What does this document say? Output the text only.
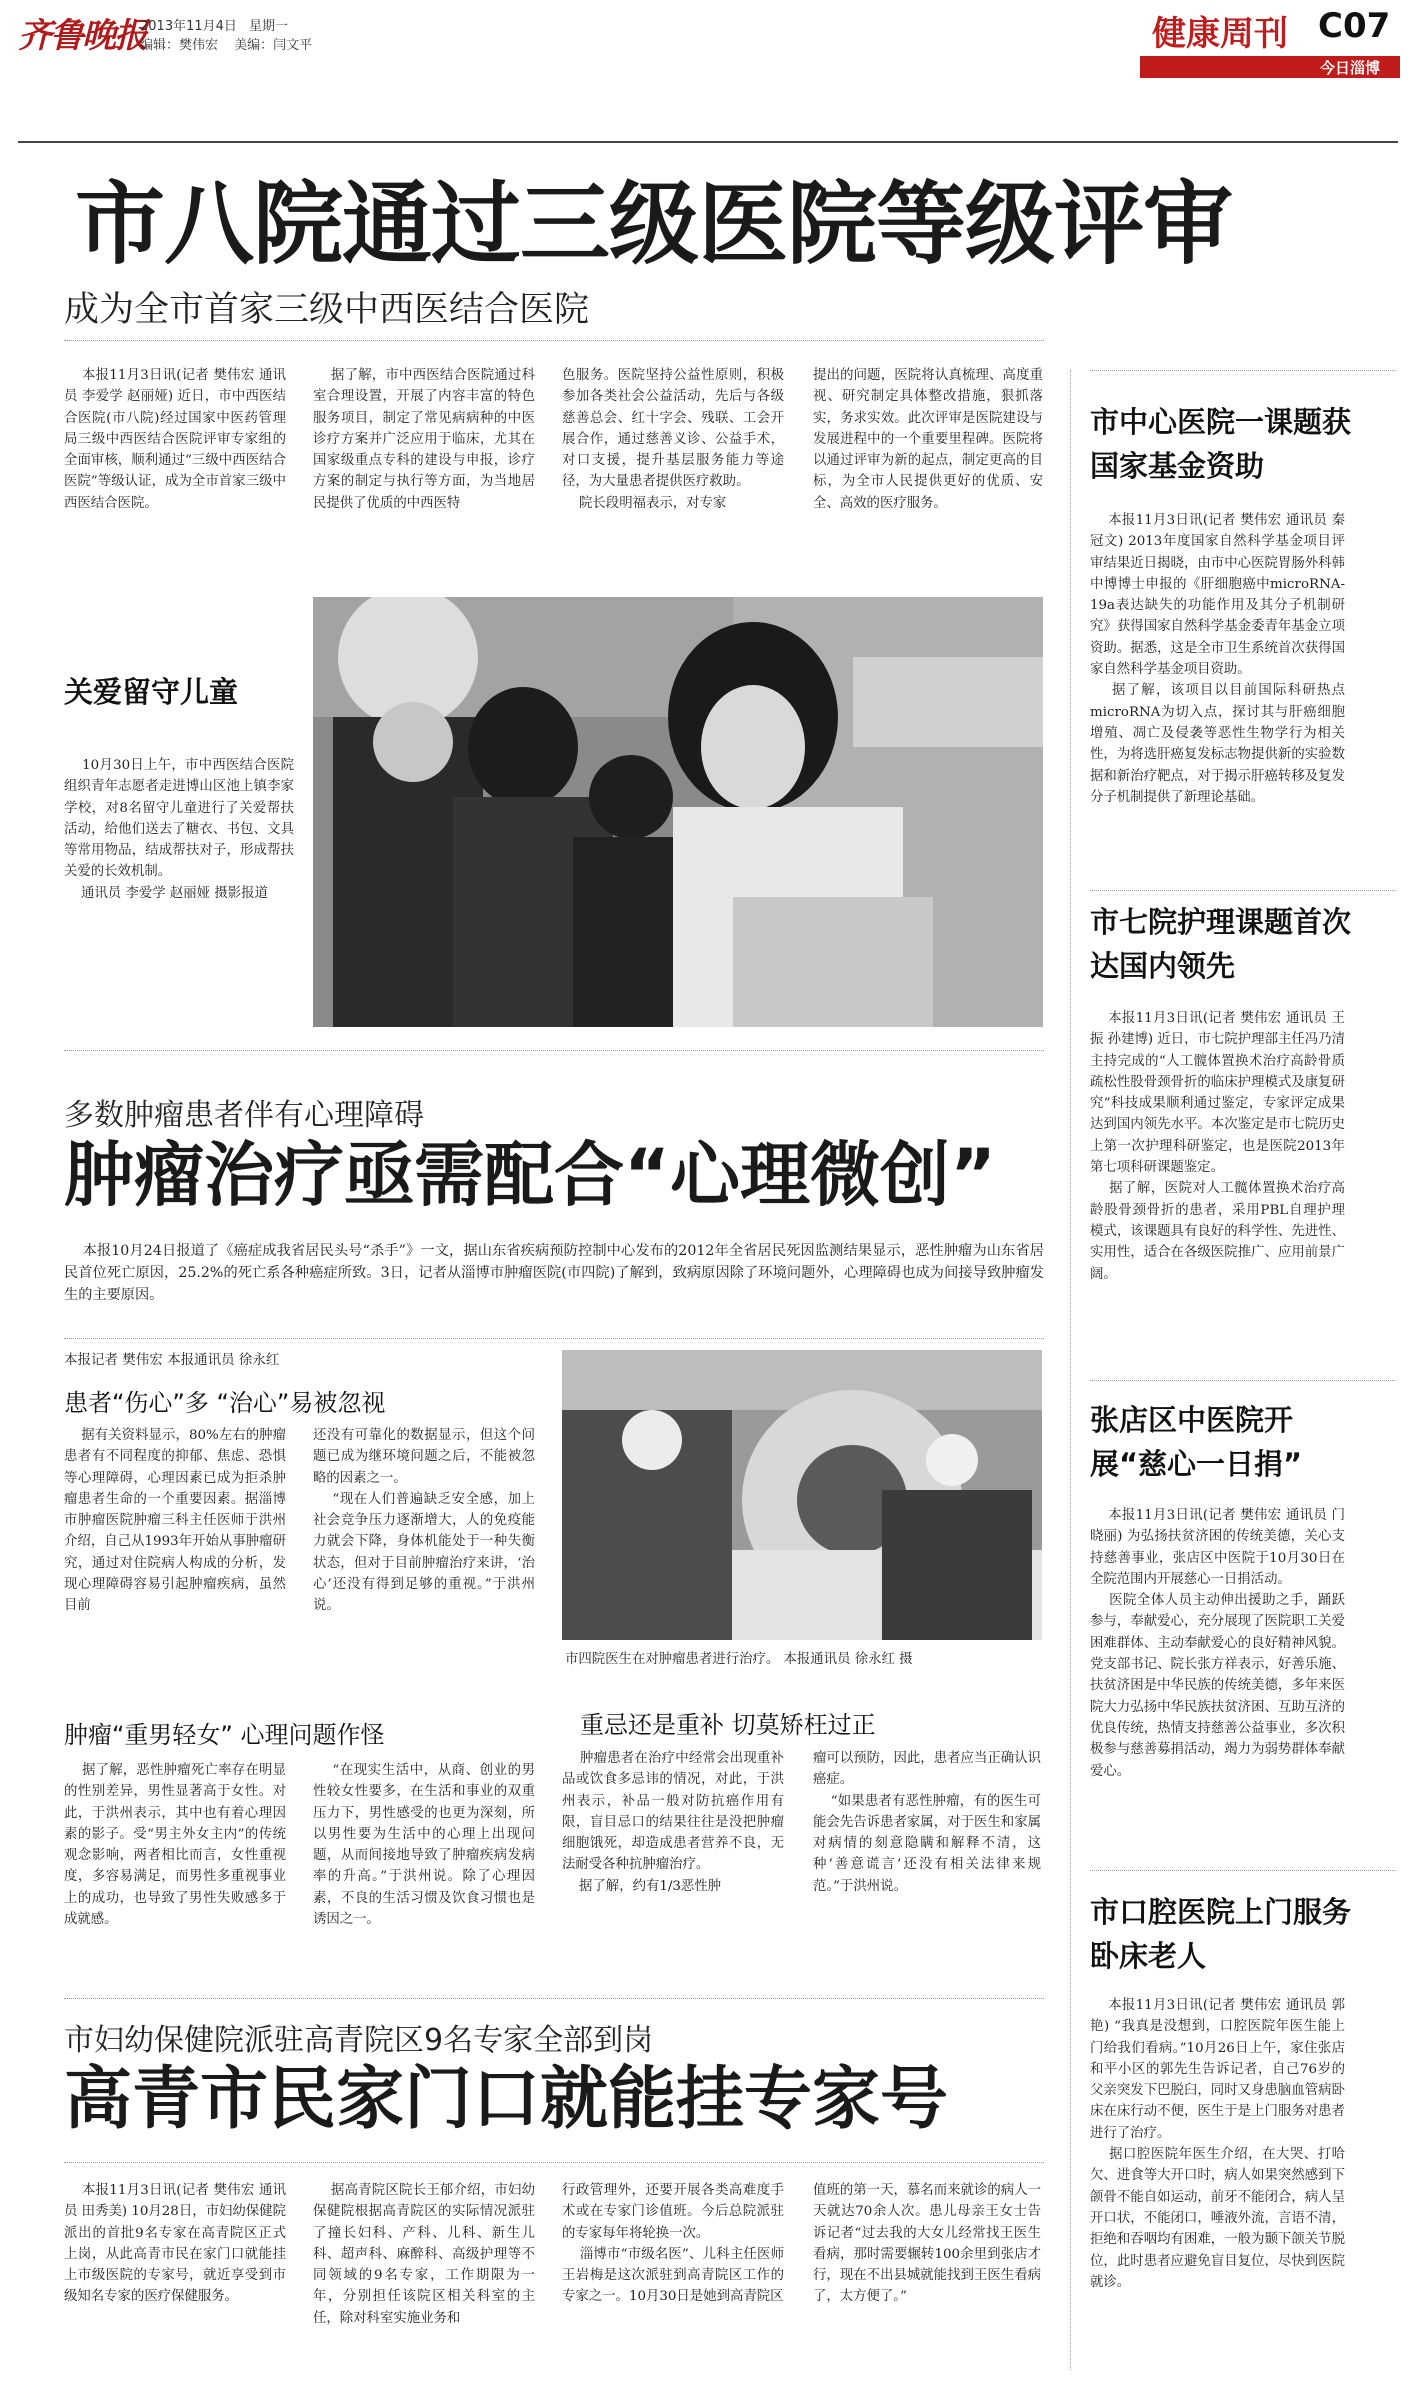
齐鲁晚报
2013年11月4日 星期一
编辑：樊伟宏 美编：闫文平	健康周刊 C07
今日淄博
市八院通过三级医院等级评审
成为全市首家三级中西医结合医院
本报11月3日讯(记者 樊伟宏 通讯员 李爱学 赵丽娅) 近日，市中西医结合医院(市八院)经过国家中医药管理局三级中西医结合医院评审专家组的全面审核，顺利通过“三级中西医结合医院”等级认证，成为全市首家三级中西医结合医院。
据了解，市中西医结合医院通过科室合理设置，开展了内容丰富的特色服务项目，制定了常见病病种的中医诊疗方案并广泛应用于临床，尤其在国家级重点专科的建设与申报，诊疗方案的制定与执行等方面，为当地居民提供了优质的中西医特
色服务。医院坚持公益性原则，积极参加各类社会公益活动，先后与各级慈善总会、红十字会、残联、工会开展合作，通过慈善义诊、公益手术，对口支援，提升基层服务能力等途径，为大量患者提供医疗救助。
院长段明福表示，对专家
提出的问题，医院将认真梳理、高度重视、研究制定具体整改措施，狠抓落实，务求实效。此次评审是医院建设与发展进程中的一个重要里程碑。医院将以通过评审为新的起点，制定更高的目标，为全市人民提供更好的优质、安全、高效的医疗服务。
关爱留守儿童
10月30日上午，市中西医结合医院组织青年志愿者走进博山区池上镇李家学校，对8名留守儿童进行了关爱帮扶活动，给他们送去了糖衣、书包、文具等常用物品，结成帮扶对子，形成帮扶关爱的长效机制。
通讯员 李爱学 赵丽娅 摄影报道
多数肿瘤患者伴有心理障碍
肿瘤治疗亟需配合“心理微创”
本报10月24日报道了《癌症成我省居民头号“杀手”》一文，据山东省疾病预防控制中心发布的2012年全省居民死因监测结果显示，恶性肿瘤为山东省居民首位死亡原因，25.2%的死亡系各种癌症所致。3日，记者从淄博市肿瘤医院(市四院)了解到，致病原因除了环境问题外，心理障碍也成为间接导致肿瘤发生的主要原因。
本报记者 樊伟宏 本报通讯员 徐永红
患者“伤心”多 “治心”易被忽视
据有关资料显示，80%左右的肿瘤患者有不同程度的抑郁、焦虑、恐惧等心理障碍，心理因素已成为拒杀肿瘤患者生命的一个重要因素。据淄博市肿瘤医院肿瘤三科主任医师于洪州介绍，自己从1993年开始从事肿瘤研究，通过对住院病人构成的分析，发现心理障碍容易引起肿瘤疾病，虽然目前
还没有可靠化的数据显示，但这个问题已成为继环境问题之后，不能被忽略的因素之一。
“现在人们普遍缺乏安全感，加上社会竞争压力逐渐增大，人的免疫能力就会下降，身体机能处于一种失衡状态，但对于目前肿瘤治疗来讲，‘治心’还没有得到足够的重视。”于洪州说。
市四院医生在对肿瘤患者进行治疗。 本报通讯员 徐永红 摄
肿瘤“重男轻女” 心理问题作怪
据了解，恶性肿瘤死亡率存在明显的性别差异，男性显著高于女性。对此，于洪州表示，其中也有着心理因素的影子。受“男主外女主内”的传统观念影响，两者相比而言，女性重视度，多容易满足，而男性多重视事业上的成功，也导致了男性失败感多于成就感。
“在现实生活中，从商、创业的男性较女性要多，在生活和事业的双重压力下，男性感受的也更为深刻，所以男性要为生活中的心理上出现问题，从而间接地导致了肿瘤疾病发病率的升高。”于洪州说。除了心理因素，不良的生活习惯及饮食习惯也是诱因之一。
重忌还是重补 切莫矫枉过正
肿瘤患者在治疗中经常会出现重补品或饮食多忌讳的情况，对此，于洪州表示，补品一般对防抗癌作用有限，盲目忌口的结果往往是没把肿瘤细胞饿死，却造成患者营养不良，无法耐受各种抗肿瘤治疗。
据了解，约有1/3恶性肿
瘤可以预防，因此，患者应当正确认识癌症。
“如果患者有恶性肿瘤，有的医生可能会先告诉患者家属，对于医生和家属对病情的刻意隐瞒和解释不清，这种‘善意谎言’还没有相关法律来规范。”于洪州说。
市妇幼保健院派驻高青院区9名专家全部到岗
高青市民家门口就能挂专家号
本报11月3日讯(记者 樊伟宏 通讯员 田秀美) 10月28日，市妇幼保健院派出的首批9名专家在高青院区正式上岗，从此高青市民在家门口就能挂上市级医院的专家号，就近享受到市级知名专家的医疗保健服务。
据高青院区院长王郁介绍，市妇幼保健院根据高青院区的实际情况派驻了撞长妇科、产科、儿科、新生儿科、超声科、麻醉科、高级护理等不同领域的9名专家，工作期限为一年，分别担任该院区相关科室的主任，除对科室实施业务和
行政管理外，还要开展各类高难度手术或在专家门诊值班。今后总院派驻的专家每年将轮换一次。
淄博市“市级名医”、儿科主任医师王岩梅是这次派驻到高青院区工作的专家之一。10月30日是她到高青院区
值班的第一天，慕名而来就诊的病人一天就达70余人次。患儿母亲王女士告诉记者“过去我的大女儿经常找王医生看病，那时需要辗转100余里到张店才行，现在不出县城就能找到王医生看病了，太方便了。”
市中心医院一课题获国家基金资助
本报11月3日讯(记者 樊伟宏 通讯员 秦冠文) 2013年度国家自然科学基金项目评审结果近日揭晓，由市中心医院胃肠外科韩中博博士申报的《肝细胞癌中microRNA-19a表达缺失的功能作用及其分子机制研究》获得国家自然科学基金委青年基金立项资助。据悉，这是全市卫生系统首次获得国家自然科学基金项目资助。
据了解，该项目以目前国际科研热点microRNA为切入点，探讨其与肝癌细胞增殖、凋亡及侵袭等恶性生物学行为相关性，为将选肝癌复发标志物提供新的实验数据和新治疗靶点，对于揭示肝癌转移及复发分子机制提供了新理论基础。
市七院护理课题首次达国内领先
本报11月3日讯(记者 樊伟宏 通讯员 王振 孙建博) 近日，市七院护理部主任冯乃清主持完成的“人工髋体置换术治疗高龄骨质疏松性股骨颈骨折的临床护理模式及康复研究”科技成果顺利通过鉴定，专家评定成果达到国内领先水平。本次鉴定是市七院历史上第一次护理科研鉴定，也是医院2013年第七项科研课题鉴定。
据了解，医院对人工髋体置换术治疗高龄股骨颈骨折的患者，采用PBL自理护理模式，该课题具有良好的科学性、先进性、实用性，适合在各级医院推广、应用前景广阔。
张店区中医院开展“慈心一日捐”
本报11月3日讯(记者 樊伟宏 通讯员 门晓丽) 为弘扬扶贫济困的传统美德，关心支持慈善事业，张店区中医院于10月30日在全院范围内开展慈心一日捐活动。
医院全体人员主动伸出援助之手，踊跃参与，奉献爱心，充分展现了医院职工关爱困难群体、主动奉献爱心的良好精神风貌。党支部书记、院长张方祥表示，好善乐施、扶贫济困是中华民族的传统美德，多年来医院大力弘扬中华民族扶贫济困、互助互济的优良传统，热情支持慈善公益事业，多次积极参与慈善募捐活动，竭力为弱势群体奉献爱心。
市口腔医院上门服务卧床老人
本报11月3日讯(记者 樊伟宏 通讯员 郭艳) “我真是没想到，口腔医院年医生能上门给我们看病。”10月26日上午，家住张店和平小区的郭先生告诉记者，自己76岁的父亲突发下巴脱臼，同时又身患脑血管病卧床在床行动不便，医生于是上门服务对患者进行了治疗。
据口腔医院年医生介绍，在大哭、打哈欠、进食等大开口时，病人如果突然感到下颌骨不能自如运动，前牙不能闭合，病人呈开口状，不能闭口，唾液外流，言语不清，拒绝和吞咽均有困难，一般为颞下颌关节脱位，此时患者应避免盲目复位，尽快到医院就诊。
